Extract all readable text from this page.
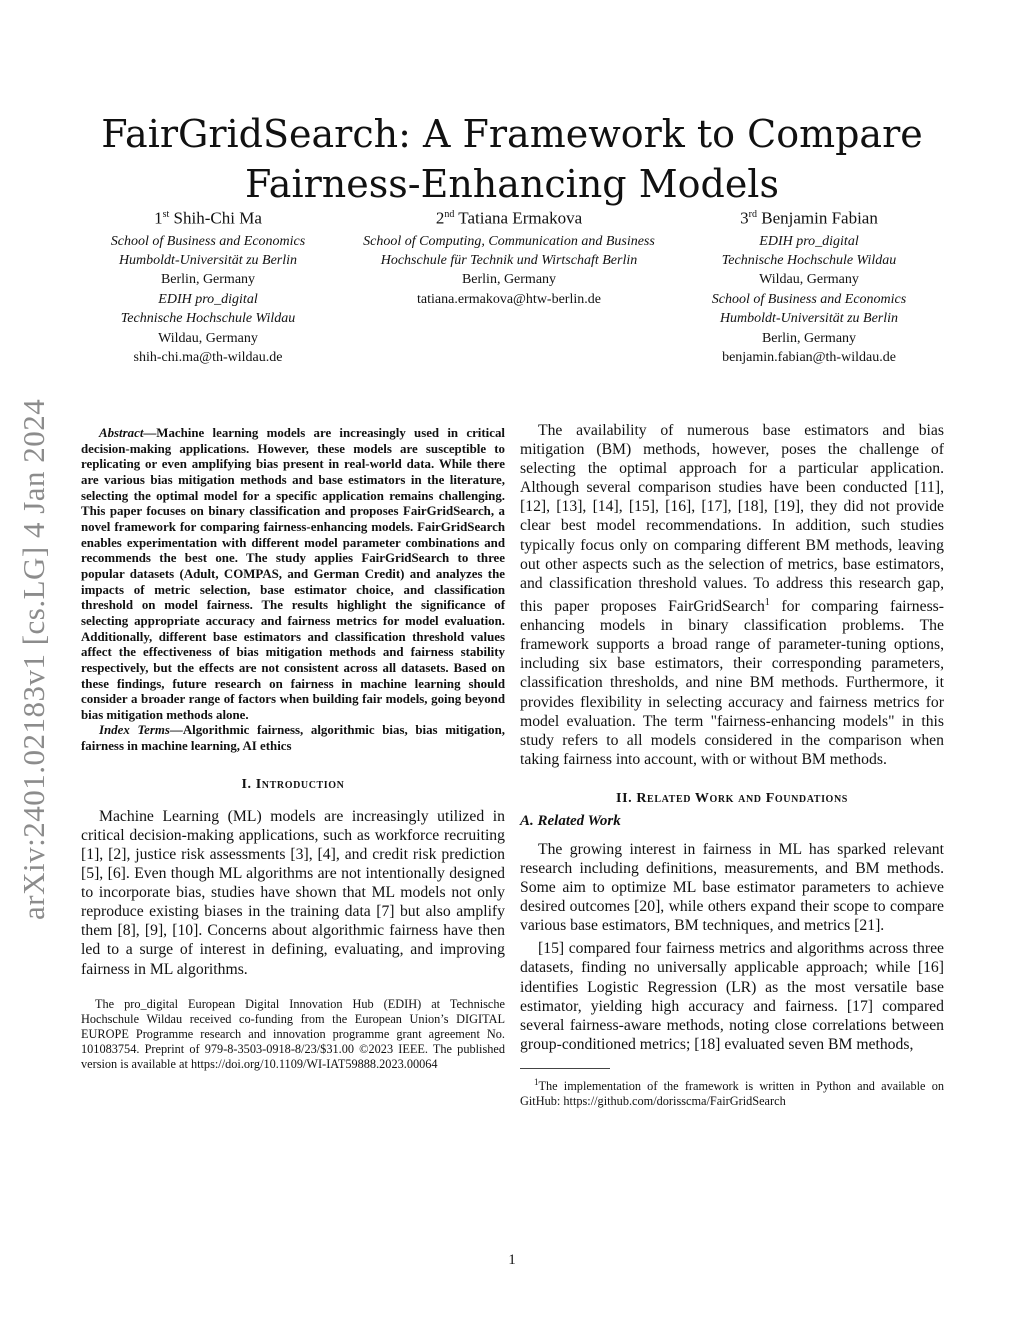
FairGridSearch: A Framework to Compare
Fairness-Enhancing Models
1st Shih-Chi Ma
School of Business and Economics
Humboldt-Universität zu Berlin
Berlin, Germany
EDIH pro_digital
Technische Hochschule Wildau
Wildau, Germany
shih-chi.ma@th-wildau.de
2nd Tatiana Ermakova
School of Computing, Communication and Business
Hochschule für Technik und Wirtschaft Berlin
Berlin, Germany
tatiana.ermakova@htw-berlin.de
3rd Benjamin Fabian
EDIH pro_digital
Technische Hochschule Wildau
Wildau, Germany
School of Business and Economics
Humboldt-Universität zu Berlin
Berlin, Germany
benjamin.fabian@th-wildau.de
arXiv:2401.02183v1 [cs.LG] 4 Jan 2024	Abstract—Machine learning models are increasingly used in critical decision-making applications. However, these models are susceptible to replicating or even amplifying bias present in real-world data. While there are various bias mitigation methods and base estimators in the literature, selecting the optimal model for a specific application remains challenging. This paper focuses on binary classification and proposes FairGridSearch, a novel framework for comparing fairness-enhancing models. FairGridSearch enables experimentation with different model parameter combinations and recommends the best one. The study applies FairGridSearch to three popular datasets (Adult, COMPAS, and German Credit) and analyzes the impacts of metric selection, base estimator choice, and classification threshold on model fairness. The results highlight the significance of selecting appropriate accuracy and fairness metrics for model evaluation. Additionally, different base estimators and classification threshold values affect the effectiveness of bias mitigation methods and fairness stability respectively, but the effects are not consistent across all datasets. Based on these findings, future research on fairness in machine learning should consider a broader range of factors when building fair models, going beyond bias mitigation methods alone.

Index Terms—Algorithmic fairness, algorithmic bias, bias mitigation, fairness in machine learning, AI ethics

I. Introduction

Machine Learning (ML) models are increasingly utilized in critical decision-making applications, such as workforce recruiting [1], [2], justice risk assessments [3], [4], and credit risk prediction [5], [6]. Even though ML algorithms are not intentionally designed to incorporate bias, studies have shown that ML models not only reproduce existing biases in the training data [7] but also amplify them [8], [9], [10]. Concerns about algorithmic fairness have then led to a surge of interest in defining, evaluating, and improving fairness in ML algorithms.

The pro_digital European Digital Innovation Hub (EDIH) at Technische Hochschule Wildau received co-funding from the European Union’s DIGITAL EUROPE Programme research and innovation programme grant agreement No. 101083754. Preprint of 979-8-3503-0918-8/23/$31.00 ©2023 IEEE. The published version is available at https://doi.org/10.1109/WI-IAT59888.2023.00064

The availability of numerous base estimators and bias mitigation (BM) methods, however, poses the challenge of selecting the optimal approach for a particular application. Although several comparison studies have been conducted [11], [12], [13], [14], [15], [16], [17], [18], [19], they did not provide clear best model recommendations. In addition, such studies typically focus only on comparing different BM methods, leaving out other aspects such as the selection of metrics, base estimators, and classification threshold values. To address this research gap, this paper proposes FairGridSearch$^1$ for comparing fairness-enhancing models in binary classification problems. The framework supports a broad range of parameter-tuning options, including six base estimators, their corresponding parameters, classification thresholds, and nine BM methods. Furthermore, it provides flexibility in selecting accuracy and fairness metrics for model evaluation. The term "fairness-enhancing models" in this study refers to all models considered in the comparison when taking fairness into account, with or without BM methods.

II. Related Work and Foundations
A. Related Work

The growing interest in fairness in ML has sparked relevant research including definitions, measurements, and BM methods. Some aim to optimize ML base estimator parameters to achieve desired outcomes [20], while others expand their scope to compare various base estimators, BM techniques, and metrics [21].

[15] compared four fairness metrics and algorithms across three datasets, finding no universally applicable approach; while [16] identifies Logistic Regression (LR) as the most versatile base estimator, yielding high accuracy and fairness. [17] compared several fairness-aware methods, noting close correlations between group-conditioned metrics; [18] evaluated seven BM methods,

$^1$The implementation of the framework is written in Python and available on GitHub: https://github.com/dorisscma/FairGridSearch

1
